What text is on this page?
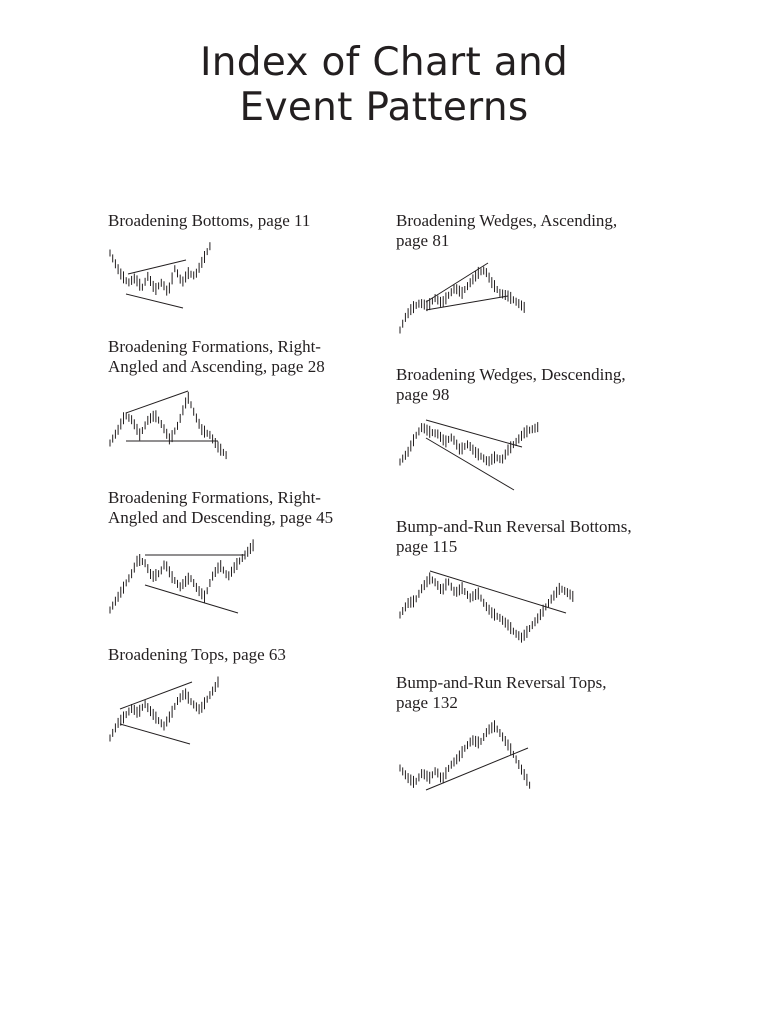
Index of Chart and
Event Patterns

Broadening Bottoms, page 11

Broadening Formations, Right-
Angled and Ascending, page 28

Broadening Formations, Right-
Angled and Descending, page 45

Broadening Tops, page 63

Broadening Wedges, Ascending,
page 81

Broadening Wedges, Descending,
page 98

Bump-and-Run Reversal Bottoms,
page 115

Bump-and-Run Reversal Tops,
page 132
